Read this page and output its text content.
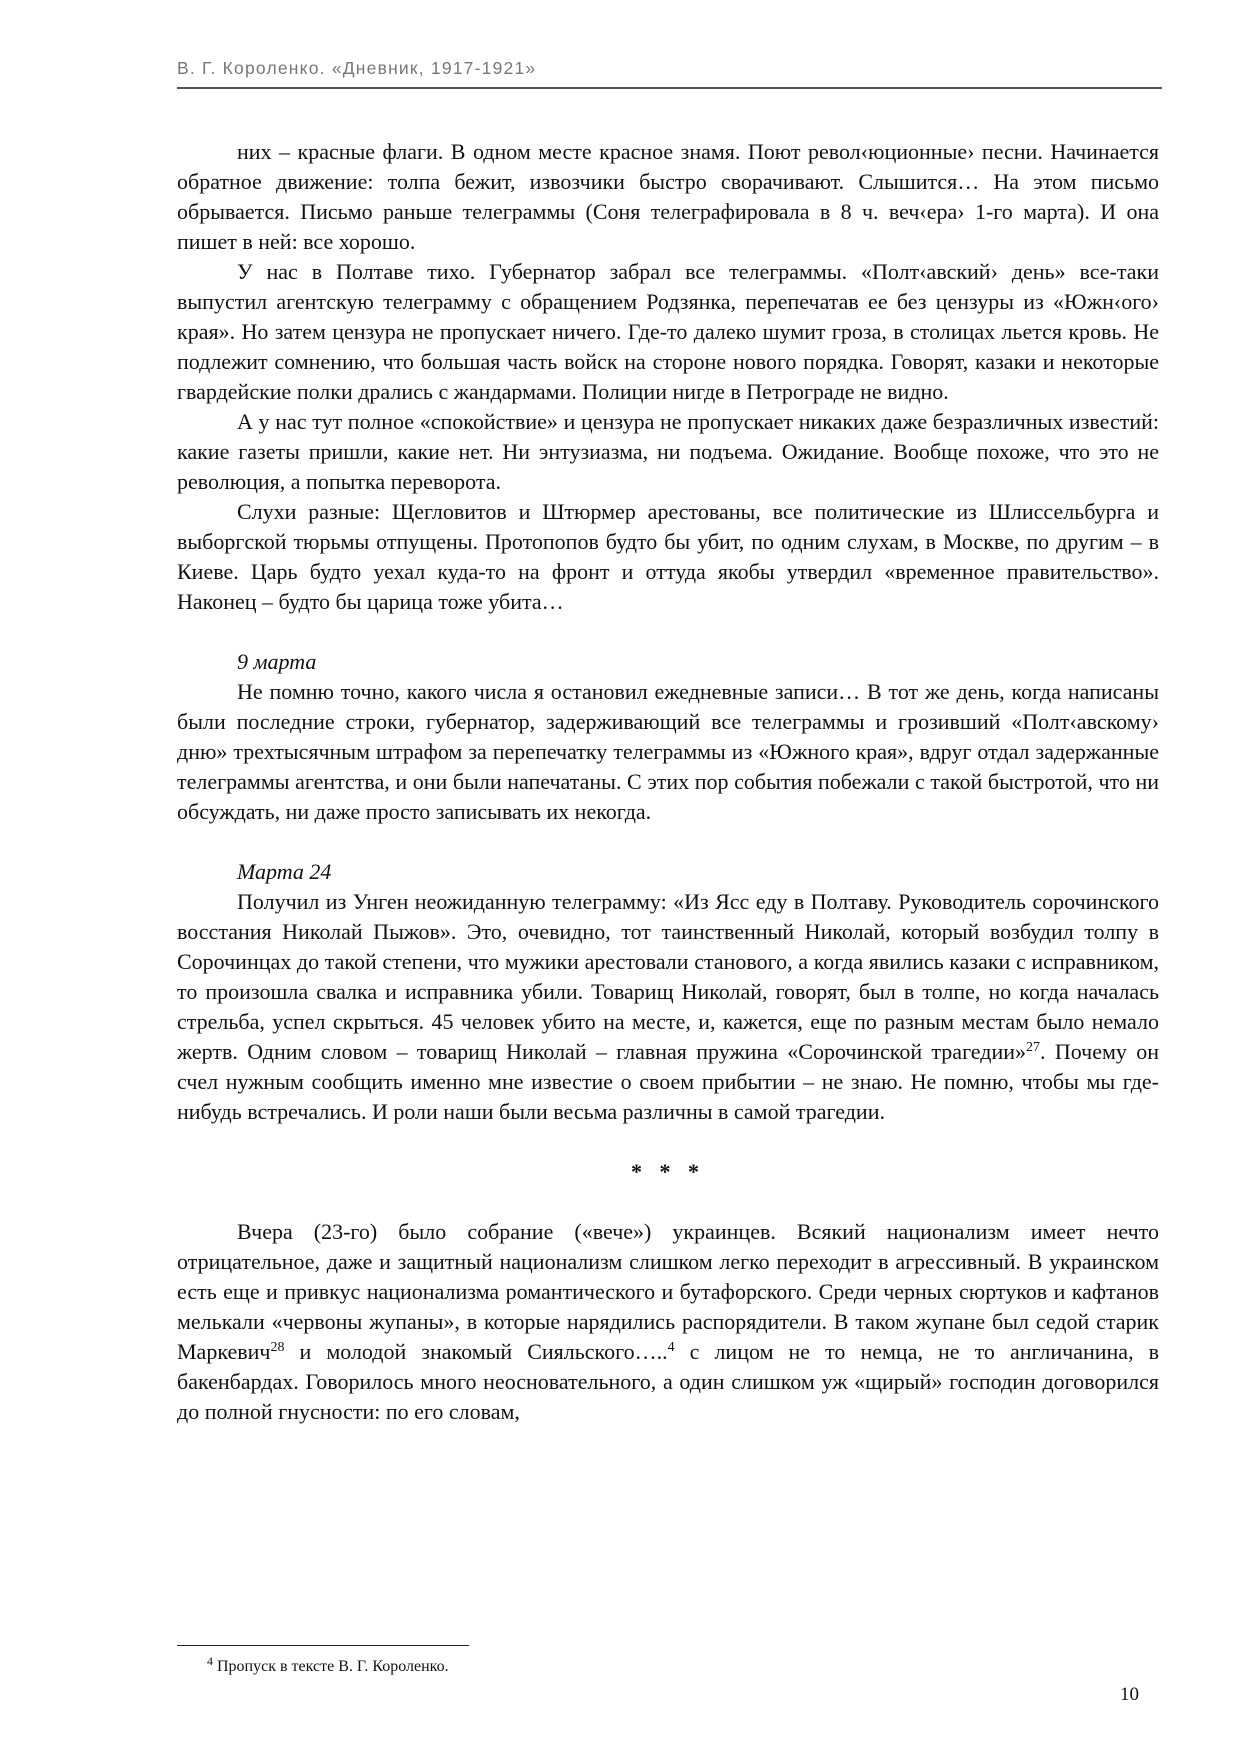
В. Г. Короленко. «Дневник, 1917-1921»

них – красные флаги. В одном месте красное знамя. Поют револ‹юционные› песни. Начинается обратное движение: толпа бежит, извозчики быстро сворачивают. Слышится… На этом письмо обрывается. Письмо раньше телеграммы (Соня телеграфировала в 8 ч. веч‹ера› 1-го марта). И она пишет в ней: все хорошо.

У нас в Полтаве тихо. Губернатор забрал все телеграммы. «Полт‹авский› день» все-таки выпустил агентскую телеграмму с обращением Родзянка, перепечатав ее без цензуры из «Южн‹ого› края». Но затем цензура не пропускает ничего. Где-то далеко шумит гроза, в столицах льется кровь. Не подлежит сомнению, что большая часть войск на стороне нового порядка. Говорят, казаки и некоторые гвардейские полки дрались с жандармами. Полиции нигде в Петрограде не видно.

А у нас тут полное «спокойствие» и цензура не пропускает никаких даже безразличных известий: какие газеты пришли, какие нет. Ни энтузиазма, ни подъема. Ожидание. Вообще похоже, что это не революция, а попытка переворота.

Слухи разные: Щегловитов и Штюрмер арестованы, все политические из Шлиссельбурга и выборгской тюрьмы отпущены. Протопопов будто бы убит, по одним слухам, в Москве, по другим – в Киеве. Царь будто уехал куда-то на фронт и оттуда якобы утвердил «временное правительство». Наконец – будто бы царица тоже убита…

9 марта

Не помню точно, какого числа я остановил ежедневные записи… В тот же день, когда написаны были последние строки, губернатор, задерживающий все телеграммы и грозивший «Полт‹авскому› дню» трехтысячным штрафом за перепечатку телеграммы из «Южного края», вдруг отдал задержанные телеграммы агентства, и они были напечатаны. С этих пор события побежали с такой быстротой, что ни обсуждать, ни даже просто записывать их некогда.

Марта 24

Получил из Унген неожиданную телеграмму: «Из Ясс еду в Полтаву. Руководитель сорочинского восстания Николай Пыжов». Это, очевидно, тот таинственный Николай, который возбудил толпу в Сорочинцах до такой степени, что мужики арестовали станового, а когда явились казаки с исправником, то произошла свалка и исправника убили. Товарищ Николай, говорят, был в толпе, но когда началась стрельба, успел скрыться. 45 человек убито на месте, и, кажется, еще по разным местам было немало жертв. Одним словом – товарищ Николай – главная пружина «Сорочинской трагедии»$^{27}$. Почему он счел нужным сообщить именно мне известие о своем прибытии – не знаю. Не помню, чтобы мы где-нибудь встречались. И роли наши были весьма различны в самой трагедии.

* * *

Вчера (23-го) было собрание («вече») украинцев. Всякий национализм имеет нечто отрицательное, даже и защитный национализм слишком легко переходит в агрессивный. В украинском есть еще и привкус национализма романтического и бутафорского. Среди черных сюртуков и кафтанов мелькали «червоны жупаны», в которые нарядились распорядители. В таком жупане был седой старик Маркевич$^{28}$ и молодой знакомый Сияльского…..$^4$ с лицом не то немца, не то англичанина, в бакенбардах. Говорилось много неосновательного, а один слишком уж «щирый» господин договорился до полной гнусности: по его словам,

$^4$ Пропуск в тексте В. Г. Короленко.
10
